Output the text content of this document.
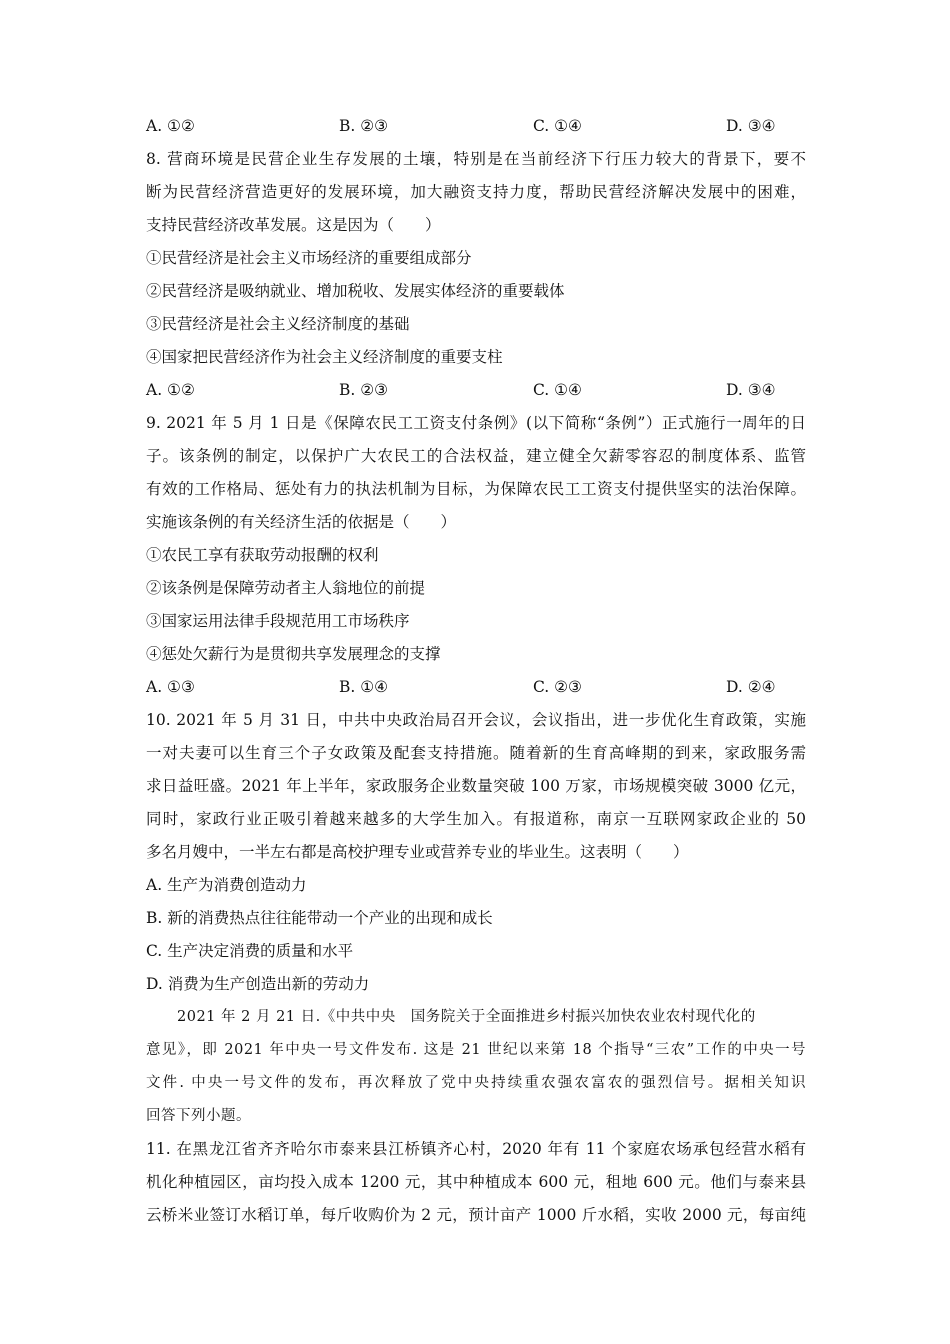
A. ①②	B. ②③	C. ①④	D. ③④
8. 营商环境是民营企业生存发展的土壤，特别是在当前经济下行压力较大的背景下，要不
断为民营经济营造更好的发展环境，加大融资支持力度，帮助民营经济解决发展中的困难，
支持民营经济改革发展。这是因为（　　）
①民营经济是社会主义市场经济的重要组成部分
②民营经济是吸纳就业、增加税收、发展实体经济的重要载体
③民营经济是社会主义经济制度的基础
④国家把民营经济作为社会主义经济制度的重要支柱
A. ①②	B. ②③	C. ①④	D. ③④
9. 2021 年 5 月 1 日是《保障农民工工资支付条例》(以下简称“条例”）正式施行一周年的日
子。该条例的制定，以保护广大农民工的合法权益，建立健全欠薪零容忍的制度体系、监管
有效的工作格局、惩处有力的执法机制为目标，为保障农民工工资支付提供坚实的法治保障。
实施该条例的有关经济生活的依据是（　　）
①农民工享有获取劳动报酬的权利
②该条例是保障劳动者主人翁地位的前提
③国家运用法律手段规范用工市场秩序
④惩处欠薪行为是贯彻共享发展理念的支撑
A. ①③	B. ①④	C. ②③	D. ②④
10. 2021 年 5 月 31 日，中共中央政治局召开会议，会议指出，进一步优化生育政策，实施
一对夫妻可以生育三个子女政策及配套支持措施。随着新的生育高峰期的到来，家政服务需
求日益旺盛。2021 年上半年，家政服务企业数量突破 100 万家，市场规模突破 3000 亿元，
同时，家政行业正吸引着越来越多的大学生加入。有报道称，南京一互联网家政企业的 50
多名月嫂中，一半左右都是高校护理专业或营养专业的毕业生。这表明（　　）
A. 生产为消费创造动力
B. 新的消费热点往往能带动一个产业的出现和成长
C. 生产决定消费的质量和水平
D. 消费为生产创造出新的劳动力
2021 年 2 月 21 日.《中共中央　国务院关于全面推进乡村振兴加快农业农村现代化的
意见》，即 2021 年中央一号文件发布. 这是 21 世纪以来第 18 个指导“三农”工作的中央一号
文件. 中央一号文件的发布，再次释放了党中央持续重农强农富农的强烈信号。据相关知识
回答下列小题。
11. 在黑龙江省齐齐哈尔市泰来县江桥镇齐心村，2020 年有 11 个家庭农场承包经营水稻有
机化种植园区，亩均投入成本 1200 元，其中种植成本 600 元，租地 600 元。他们与泰来县
云桥米业签订水稻订单，每斤收购价为 2 元，预计亩产 1000 斤水稻，实收 2000 元，每亩纯
